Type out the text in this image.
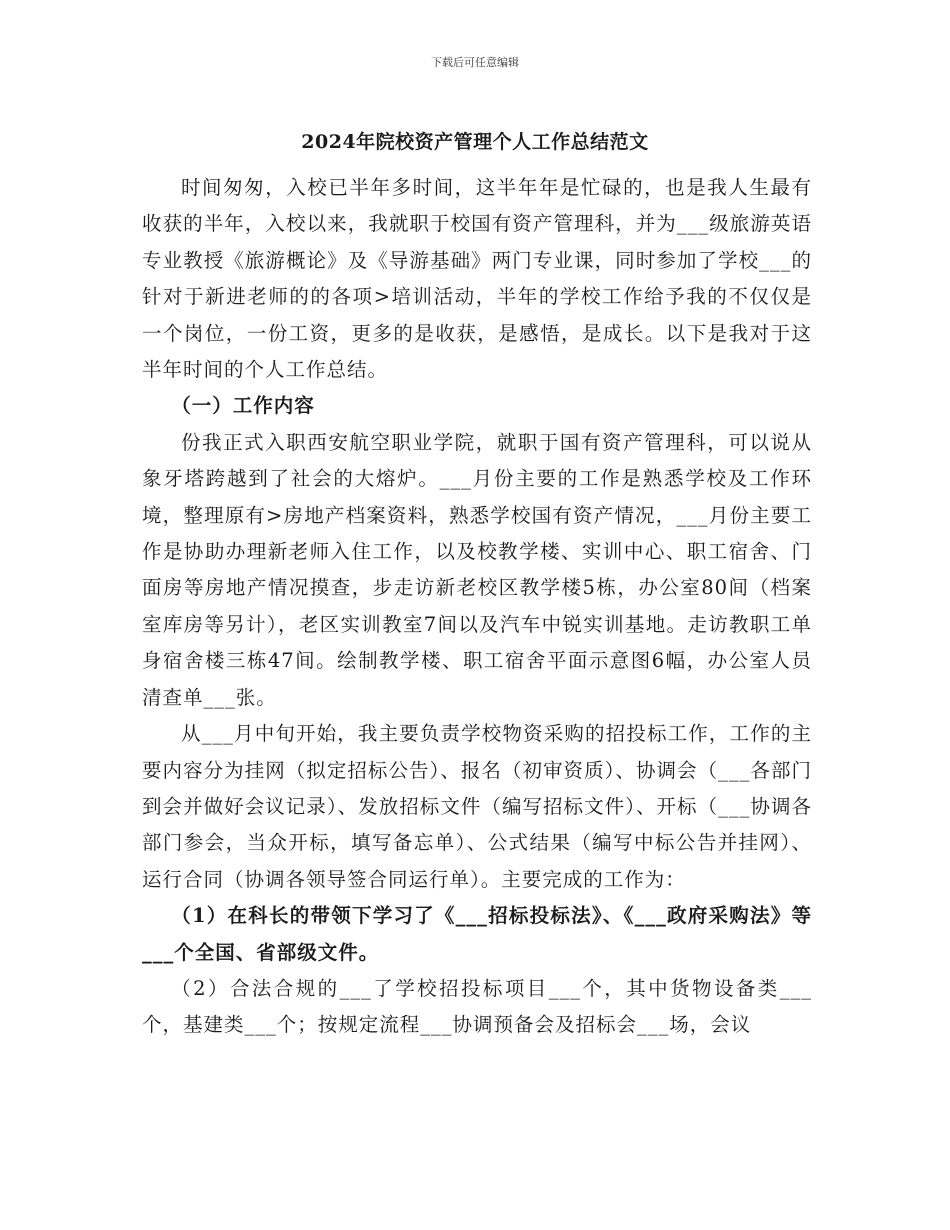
下载后可任意编辑
2024年院校资产管理个人工作总结范文

时间匆匆，入校已半年多时间，这半年年是忙碌的，也是我人生最有收获的半年，入校以来，我就职于校国有资产管理科，并为___级旅游英语专业教授《旅游概论》及《导游基础》两门专业课，同时参加了学校___的针对于新进老师的的各项>培训活动，半年的学校工作给予我的不仅仅是一个岗位，一份工资，更多的是收获，是感悟，是成长。以下是我对于这半年时间的个人工作总结。

（一）工作内容

份我正式入职西安航空职业学院，就职于国有资产管理科，可以说从象牙塔跨越到了社会的大熔炉。___月份主要的工作是熟悉学校及工作环境，整理原有>房地产档案资料，熟悉学校国有资产情况，___月份主要工作是协助办理新老师入住工作，以及校教学楼、实训中心、职工宿舍、门面房等房地产情况摸查，步走访新老校区教学楼5栋，办公室80间（档案室库房等另计），老区实训教室7间以及汽车中锐实训基地。走访教职工单身宿舍楼三栋47间。绘制教学楼、职工宿舍平面示意图6幅，办公室人员清查单___张。

从___月中旬开始，我主要负责学校物资采购的招投标工作，工作的主要内容分为挂网（拟定招标公告）、报名（初审资质）、协调会（___各部门到会并做好会议记录）、发放招标文件（编写招标文件）、开标（___协调各部门参会，当众开标，填写备忘单）、公式结果（编写中标公告并挂网）、运行合同（协调各领导签合同运行单）。主要完成的工作为：

（1）在科长的带领下学习了《___招标投标法》、《___政府采购法》等___个全国、省部级文件。

（2）合法合规的___了学校招投标项目___个，其中货物设备类___个，基建类___个；按规定流程___协调预备会及招标会___场，会议
